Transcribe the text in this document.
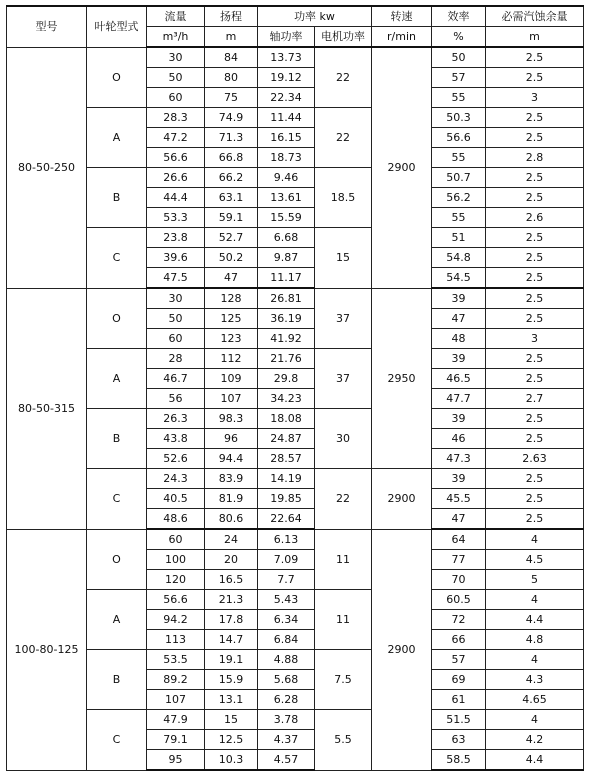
型号	叶轮型式	流量	扬程	功率 kw		转速	效率	必需汽蚀余量
		m³/h	m	轴功率	电机功率	r/min	%	m
80-50-250	O	30	84	13.73	22	2900	50	2.5
		50	80	19.12			57	2.5
		60	75	22.34			55	3
	A	28.3	74.9	11.44	22		50.3	2.5
		47.2	71.3	16.15			56.6	2.5
		56.6	66.8	18.73			55	2.8
	B	26.6	66.2	9.46	18.5		50.7	2.5
		44.4	63.1	13.61			56.2	2.5
		53.3	59.1	15.59			55	2.6
	C	23.8	52.7	6.68	15		51	2.5
		39.6	50.2	9.87			54.8	2.5
		47.5	47	11.17			54.5	2.5
80-50-315	O	30	128	26.81	37	2950	39	2.5
		50	125	36.19			47	2.5
		60	123	41.92			48	3
	A	28	112	21.76	37		39	2.5
		46.7	109	29.8			46.5	2.5
		56	107	34.23			47.7	2.7
	B	26.3	98.3	18.08	30		39	2.5
		43.8	96	24.87			46	2.5
		52.6	94.4	28.57			47.3	2.63
	C	24.3	83.9	14.19	22	2900	39	2.5
		40.5	81.9	19.85			45.5	2.5
		48.6	80.6	22.64			47	2.5
100-80-125	O	60	24	6.13	11	2900	64	4
		100	20	7.09			77	4.5
		120	16.5	7.7			70	5
	A	56.6	21.3	5.43	11		60.5	4
		94.2	17.8	6.34			72	4.4
		113	14.7	6.84			66	4.8
	B	53.5	19.1	4.88	7.5		57	4
		89.2	15.9	5.68			69	4.3
		107	13.1	6.28			61	4.65
	C	47.9	15	3.78	5.5		51.5	4
		79.1	12.5	4.37			63	4.2
		95	10.3	4.57			58.5	4.4
